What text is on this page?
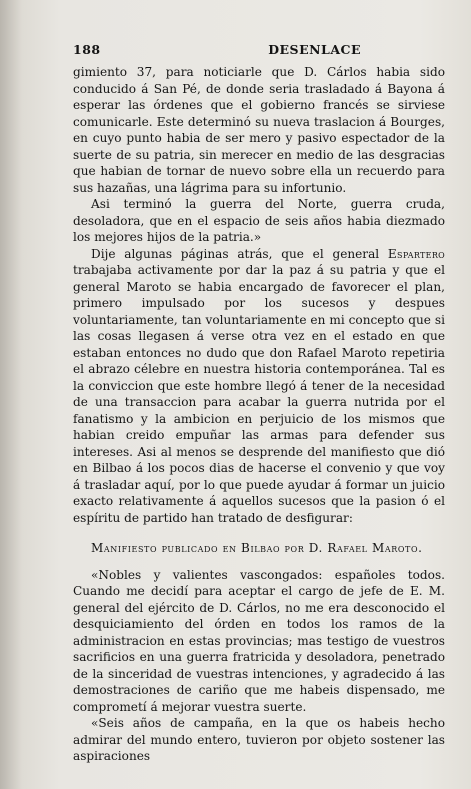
188	DESENLACE

gimiento 37, para noticiarle que D. Cárlos habia sido conducido á San Pé, de donde seria trasladado á Bayona á esperar las órdenes que el gobierno francés se sirviese comunicarle. Este determinó su nueva traslacion á Bourges, en cuyo punto habia de ser mero y pasivo espectador de la suerte de su patria, sin merecer en medio de las desgracias que habian de tornar de nuevo sobre ella un recuerdo para sus hazañas, una lágrima para su infortunio.

Asi terminó la guerra del Norte, guerra cruda, desoladora, que en el espacio de seis años habia diezmado los mejores hijos de la patria.»

Dije algunas páginas atrás, que el general Espartero trabajaba activamente por dar la paz á su patria y que el general Maroto se habia encargado de favorecer el plan, primero impulsado por los sucesos y despues voluntariamente, tan voluntariamente en mi concepto que si las cosas llegasen á verse otra vez en el estado en que estaban entonces no dudo que don Rafael Maroto repetiria el abrazo célebre en nuestra historia contemporánea. Tal es la conviccion que este hombre llegó á tener de la necesidad de una transaccion para acabar la guerra nutrida por el fanatismo y la ambicion en perjuicio de los mismos que habian creido empuñar las armas para defender sus intereses. Asi al menos se desprende del manifiesto que dió en Bilbao á los pocos dias de hacerse el convenio y que voy á trasladar aquí, por lo que puede ayudar á formar un juicio exacto relativamente á aquellos sucesos que la pasion ó el espíritu de partido han tratado de desfigurar:

Manifiesto publicado en Bilbao por D. Rafael Maroto.

«Nobles y valientes vascongados: españoles todos. Cuando me decidí para aceptar el cargo de jefe de E. M. general del ejército de D. Cárlos, no me era desconocido el desquiciamiento del órden en todos los ramos de la administracion en estas provincias; mas testigo de vuestros sacrificios en una guerra fratricida y desoladora, penetrado de la sinceridad de vuestras intenciones, y agradecido á las demostraciones de cariño que me habeis dispensado, me comprometí á mejorar vuestra suerte.

«Seis años de campaña, en la que os habeis hecho admirar del mundo entero, tuvieron por objeto sostener las aspiraciones
